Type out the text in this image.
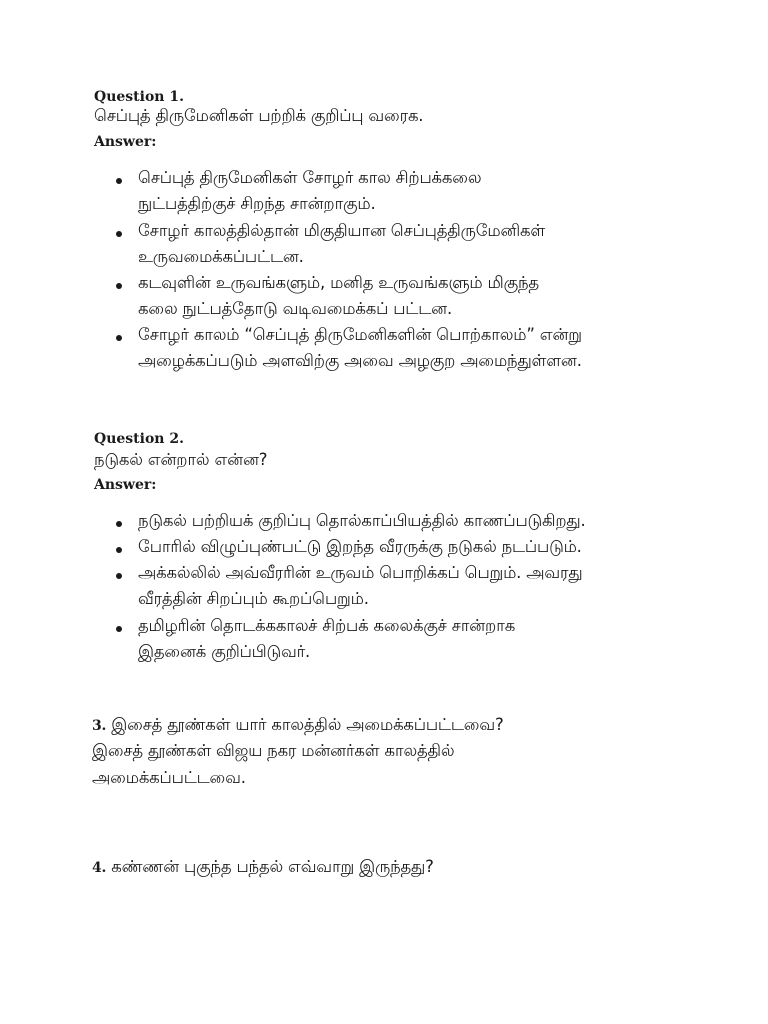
Question 1.
செப்புத் திருமேனிகள் பற்றிக் குறிப்பு வரைக.
Answer:
செப்புத் திருமேனிகள் சோழர் கால சிற்பக்கலை
நுட்பத்திற்குச் சிறந்த சான்றாகும்.
சோழர் காலத்தில்தான் மிகுதியான செப்புத்திருமேனிகள்
உருவமைக்கப்பட்டன.
கடவுளின் உருவங்களும், மனித உருவங்களும் மிகுந்த
கலை நுட்பத்தோடு வடிவமைக்கப் பட்டன.
சோழர் காலம் “செப்புத் திருமேனிகளின் பொற்காலம்” என்று
அழைக்கப்படும் அளவிற்கு அவை அழகுற அமைந்துள்ளன.
Question 2.
நடுகல் என்றால் என்ன?
Answer:
நடுகல் பற்றியக் குறிப்பு தொல்காப்பியத்தில் காணப்படுகிறது.
போரில் விழுப்புண்பட்டு இறந்த வீரருக்கு நடுகல் நடப்படும்.
அக்கல்லில் அவ்வீரரின் உருவம் பொறிக்கப் பெறும். அவரது
வீரத்தின் சிறப்பும் கூறப்பெறும்.
தமிழரின் தொடக்ககாலச் சிற்பக் கலைக்குச் சான்றாக
இதனைக் குறிப்பிடுவர்.
3. இசைத் தூண்கள் யார் காலத்தில் அமைக்கப்பட்டவை?
இசைத் தூண்கள் விஜய நகர மன்னர்கள் காலத்தில்
அமைக்கப்பட்டவை.
4. கண்ணன் புகுந்த பந்தல் எவ்வாறு இருந்தது?
